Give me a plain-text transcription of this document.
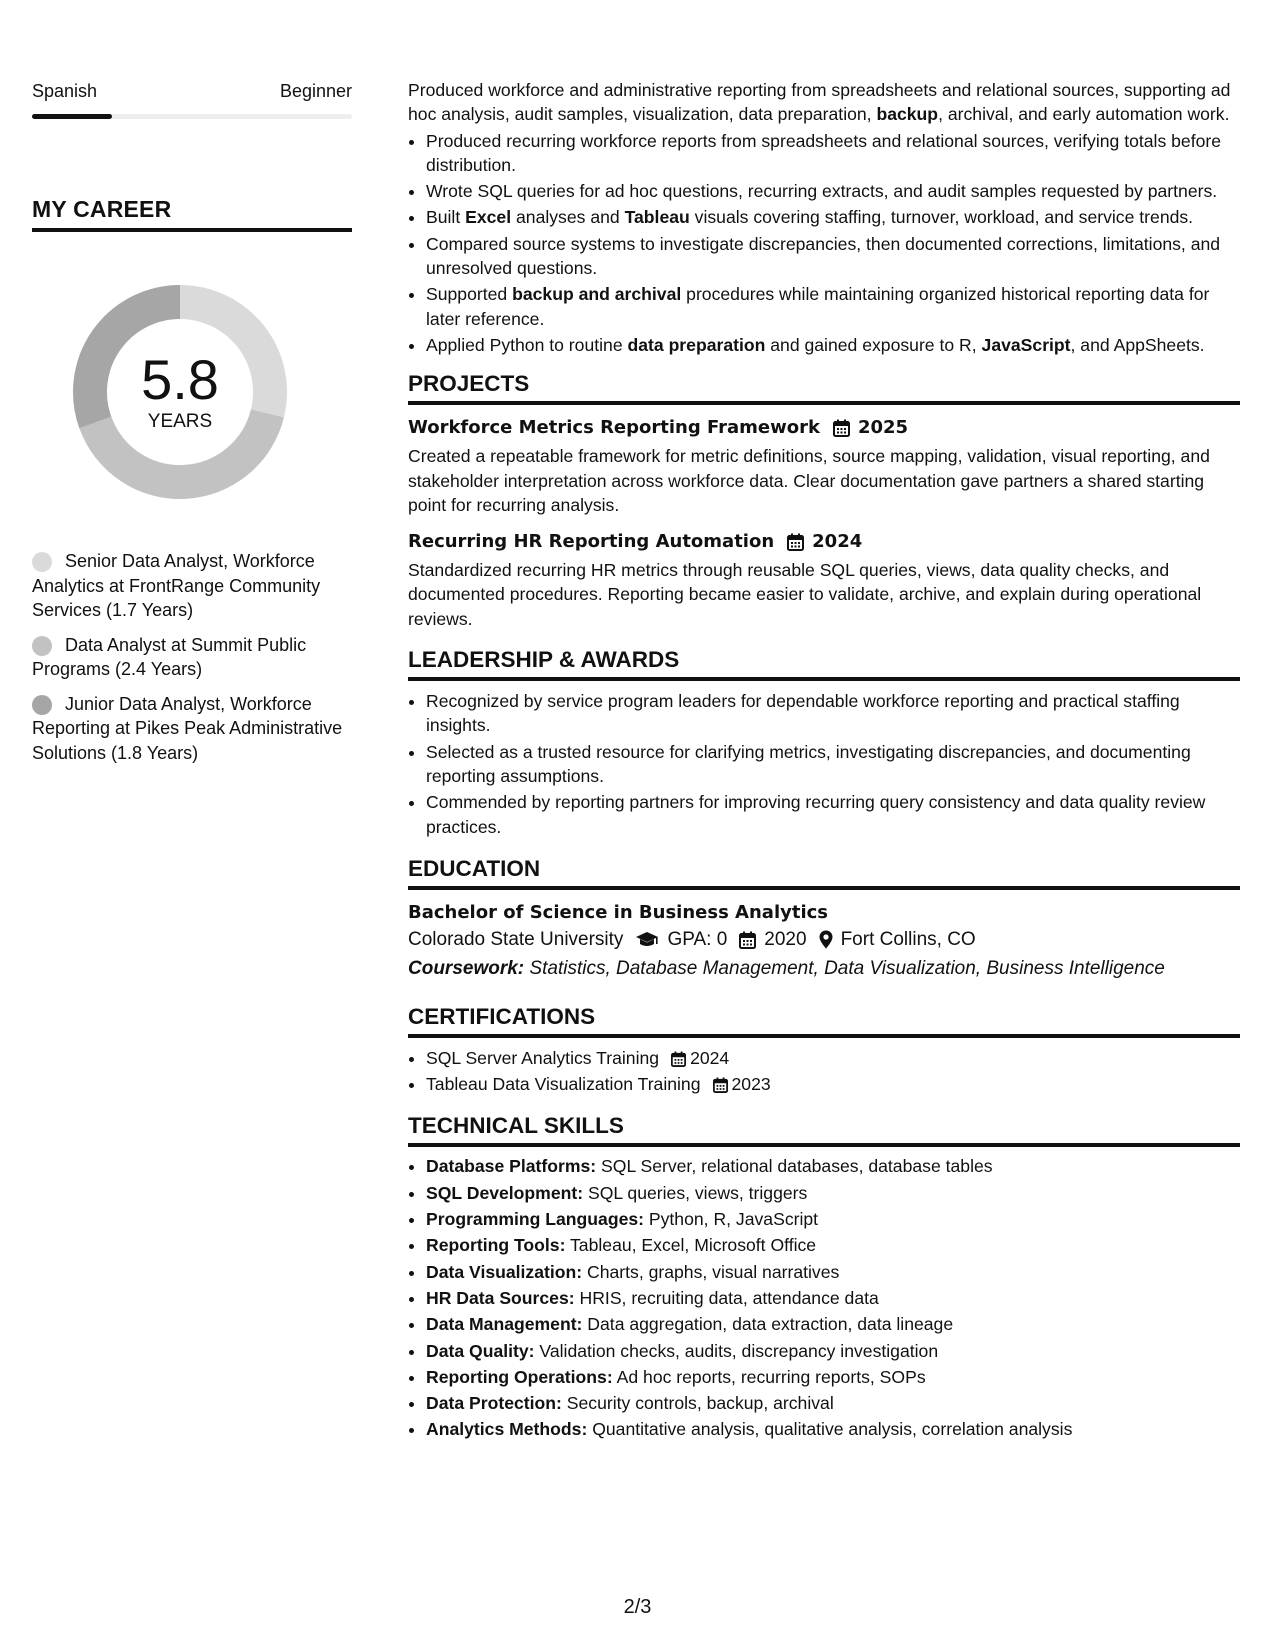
Spanish	Beginner
MY CAREER
5.8
YEARS
Senior Data Analyst, Workforce Analytics at FrontRange Community Services (1.7 Years)
Data Analyst at Summit Public Programs (2.4 Years)
Junior Data Analyst, Workforce Reporting at Pikes Peak Administrative Solutions (1.8 Years)

Produced workforce and administrative reporting from spreadsheets and relational sources, supporting ad hoc analysis, audit samples, visualization, data preparation, backup, archival, and early automation work.

• Produced recurring workforce reports from spreadsheets and relational sources, verifying totals before distribution.
• Wrote SQL queries for ad hoc questions, recurring extracts, and audit samples requested by partners.
• Built Excel analyses and Tableau visuals covering staffing, turnover, workload, and service trends.
• Compared source systems to investigate discrepancies, then documented corrections, limitations, and unresolved questions.
• Supported backup and archival procedures while maintaining organized historical reporting data for later reference.
• Applied Python to routine data preparation and gained exposure to R, JavaScript, and AppSheets.
PROJECTS
Workforce Metrics Reporting Framework 2025

Created a repeatable framework for metric definitions, source mapping, validation, visual reporting, and stakeholder interpretation across workforce data. Clear documentation gave partners a shared starting point for recurring analysis.

Recurring HR Reporting Automation 2024

Standardized recurring HR metrics through reusable SQL queries, views, data quality checks, and documented procedures. Reporting became easier to validate, archive, and explain during operational reviews.

LEADERSHIP & AWARDS
• Recognized by service program leaders for dependable workforce reporting and practical staffing insights.
• Selected as a trusted resource for clarifying metrics, investigating discrepancies, and documenting reporting assumptions.
• Commended by reporting partners for improving recurring query consistency and data quality review practices.
EDUCATION
Bachelor of Science in Business Analytics
Colorado State University GPA: 0 2020 Fort Collins, CO
Coursework: Statistics, Database Management, Data Visualization, Business Intelligence
CERTIFICATIONS
• SQL Server Analytics Training 2024
• Tableau Data Visualization Training 2023
TECHNICAL SKILLS
• Database Platforms: SQL Server, relational databases, database tables
• SQL Development: SQL queries, views, triggers
• Programming Languages: Python, R, JavaScript
• Reporting Tools: Tableau, Excel, Microsoft Office
• Data Visualization: Charts, graphs, visual narratives
• HR Data Sources: HRIS, recruiting data, attendance data
• Data Management: Data aggregation, data extraction, data lineage
• Data Quality: Validation checks, audits, discrepancy investigation
• Reporting Operations: Ad hoc reports, recurring reports, SOPs
• Data Protection: Security controls, backup, archival
• Analytics Methods: Quantitative analysis, qualitative analysis, correlation analysis
2/3
